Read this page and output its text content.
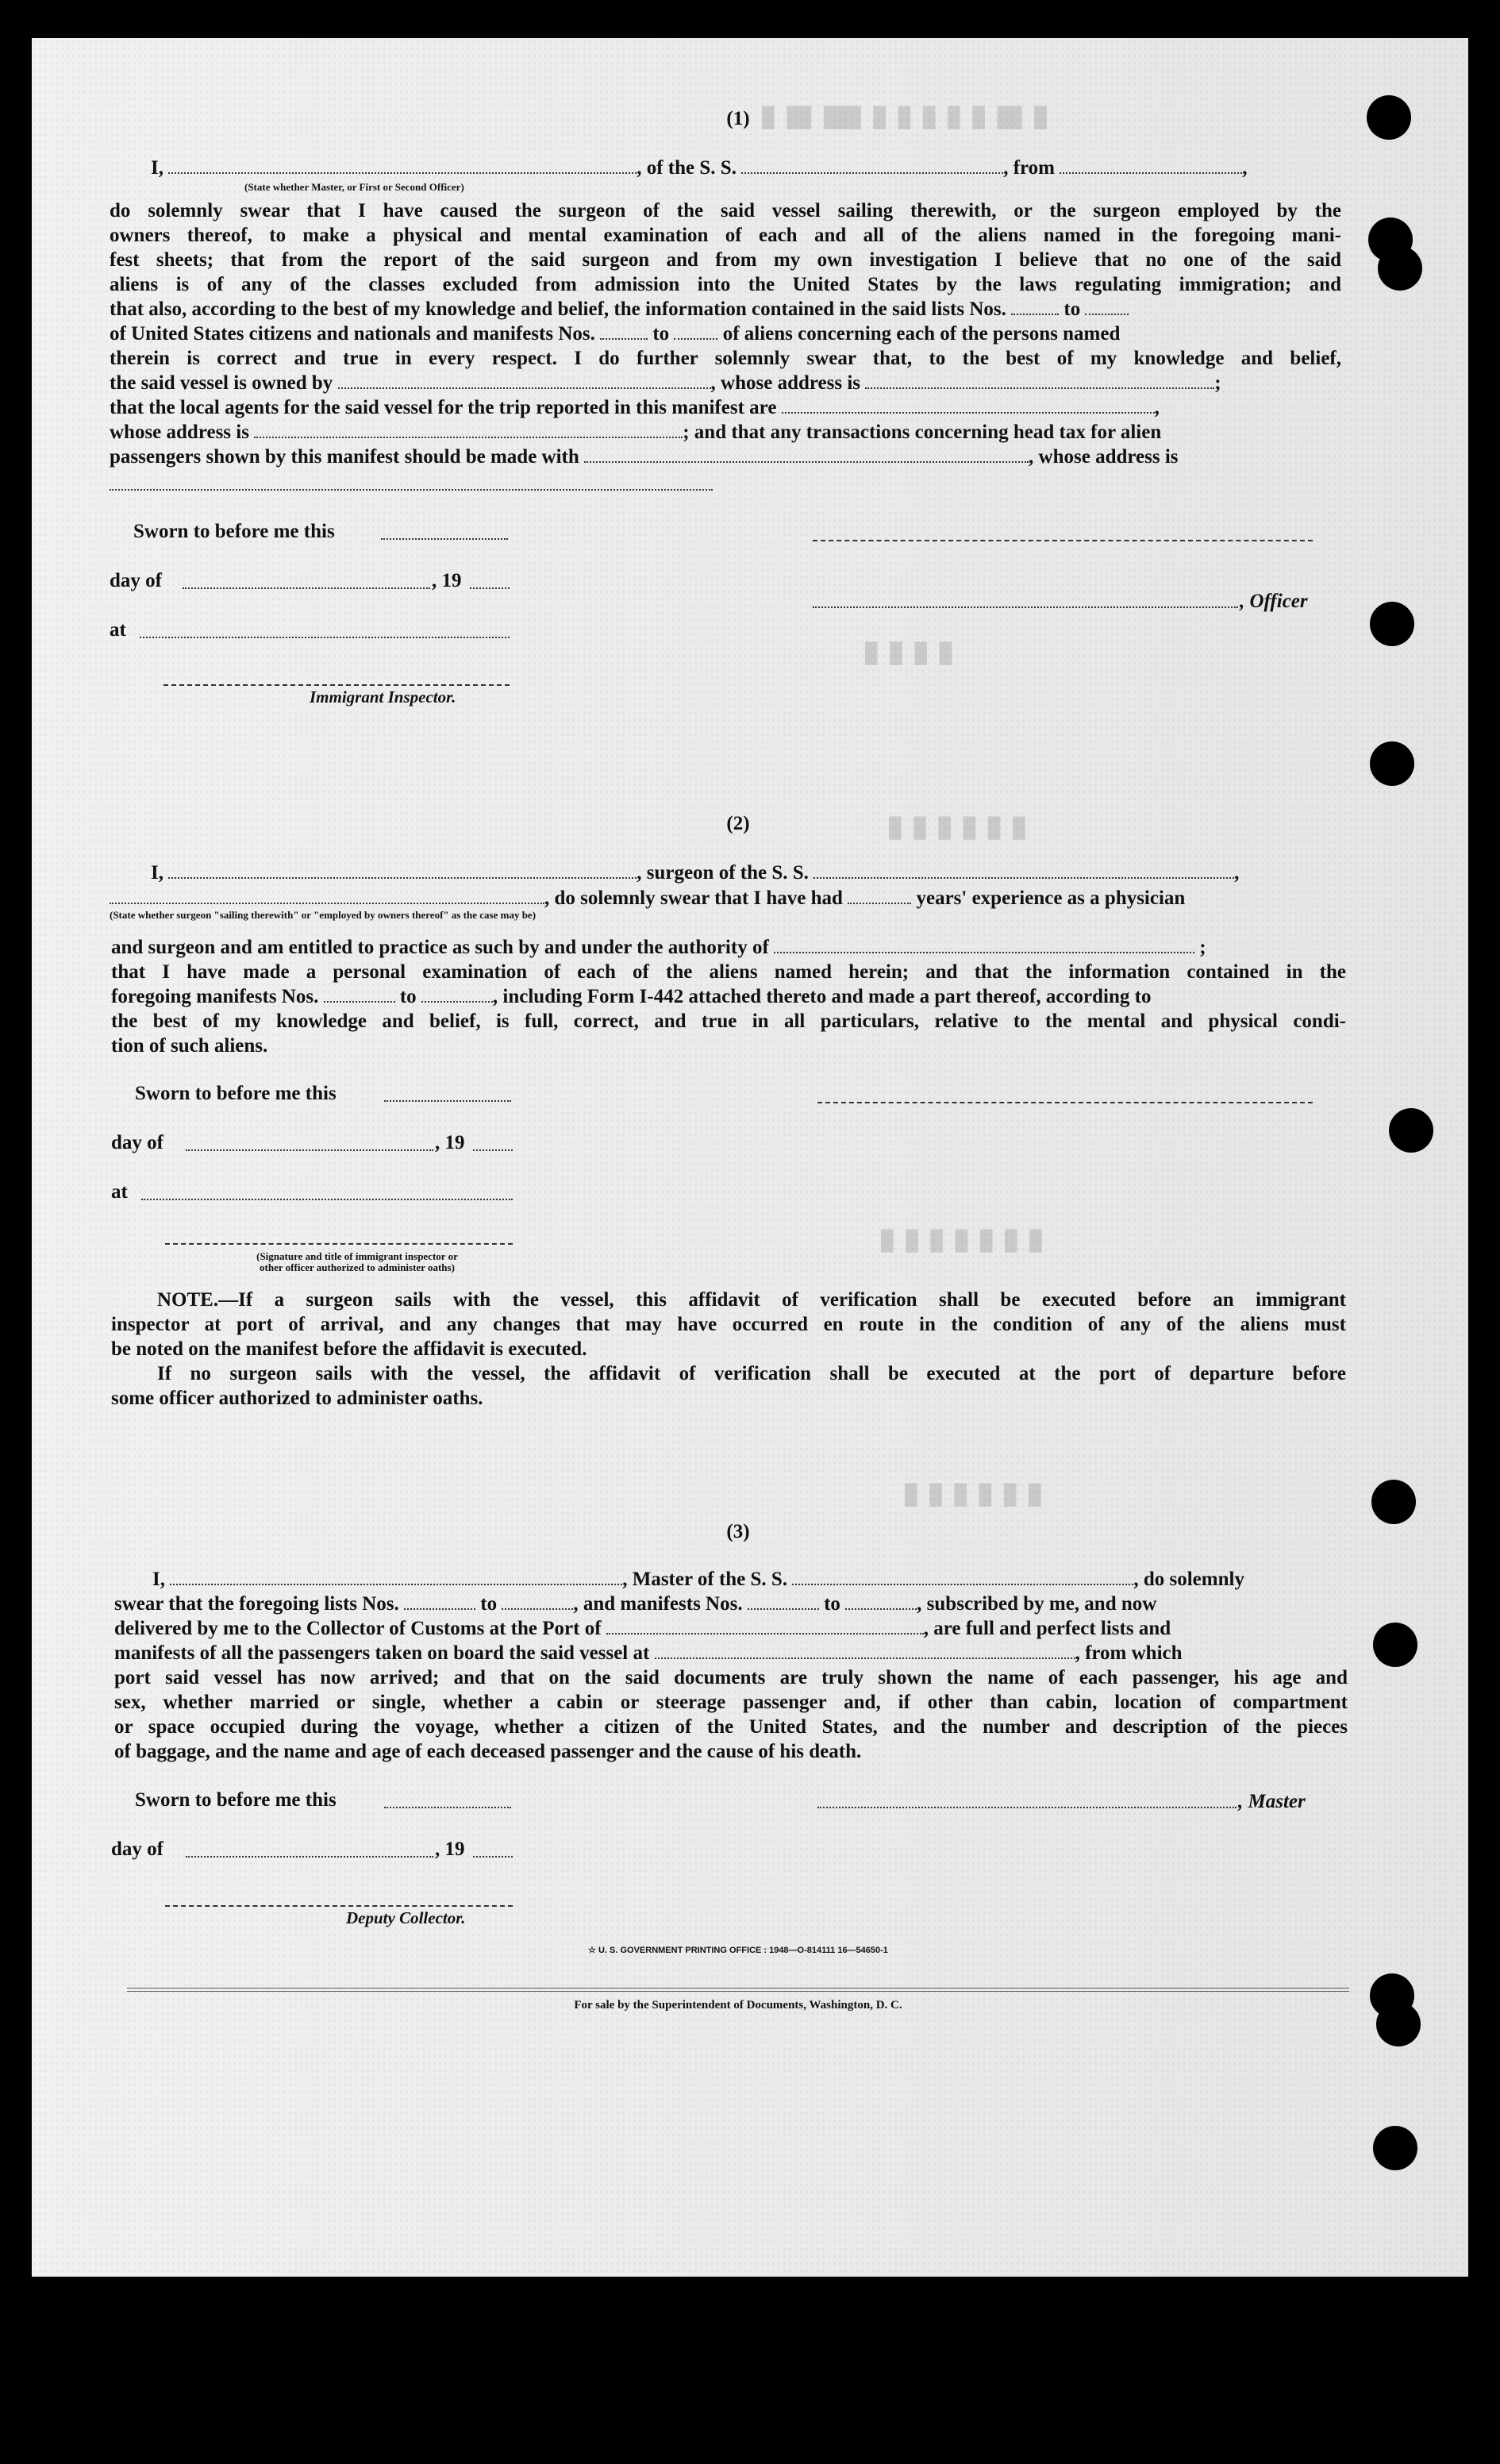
█ ██ ███ █ █ █ █ █ ██ █
█ █ █ █
█ █ █ █ █ █
█ █ █ █ █ █ █
█ █ █ █ █ █
(1)
I,	, of the S. S.	, from	,
(State whether Master, or First or Second Officer)
do solemnly swear that I have caused the surgeon of the said vessel sailing therewith, or the surgeon employed by the
owners thereof, to make a physical and mental examination of each and all of the aliens named in the foregoing mani-
fest sheets; that from the report of the said surgeon and from my own investigation I believe that no one of the said
aliens is of any of the classes excluded from admission into the United States by the laws regulating immigration; and
that also, according to the best of my knowledge and belief, the information contained in the said lists Nos.	to
of United States citizens and nationals and manifests Nos.	to	of aliens concerning each of the persons named
therein is correct and true in every respect. I do further solemnly swear that, to the best of my knowledge and belief,
the said vessel is owned by	, whose address is	;
that the local agents for the said vessel for the trip reported in this manifest are	,
whose address is	; and that any transactions concerning head tax for alien
passengers shown by this manifest should be made with	, whose address is
Sworn to before me this
day of	, 19
, Officer
at
Immigrant Inspector.
(2)
I,	, surgeon of the S. S.	,
, do solemnly swear that I have had	years' experience as a physician
(State whether surgeon "sailing therewith" or "employed by owners thereof" as the case may be)
and surgeon and am entitled to practice as such by and under the authority of	;
that I have made a personal examination of each of the aliens named herein; and that the information contained in the
foregoing manifests Nos.	to	, including Form I-442 attached thereto and made a part thereof, according to
the best of my knowledge and belief, is full, correct, and true in all particulars, relative to the mental and physical condi-
tion of such aliens.
Sworn to before me this
day of	, 19
at
(Signature and title of immigrant inspector or
other officer authorized to administer oaths)
NOTE.—If a surgeon sails with the vessel, this affidavit of verification shall be executed before an immigrant
inspector at port of arrival, and any changes that may have occurred en route in the condition of any of the aliens must
be noted on the manifest before the affidavit is executed.
If no surgeon sails with the vessel, the affidavit of verification shall be executed at the port of departure before
some officer authorized to administer oaths.
(3)
I,	, Master of the S. S.	, do solemnly
swear that the foregoing lists Nos.	to	, and manifests Nos.	to	, subscribed by me, and now
delivered by me to the Collector of Customs at the Port of	, are full and perfect lists and
manifests of all the passengers taken on board the said vessel at	, from which
port said vessel has now arrived; and that on the said documents are truly shown the name of each passenger, his age and
sex, whether married or single, whether a cabin or steerage passenger and, if other than cabin, location of compartment
or space occupied during the voyage, whether a citizen of the United States, and the number and description of the pieces
of baggage, and the name and age of each deceased passenger and the cause of his death.
Sworn to before me this	, Master
day of	, 19
Deputy Collector.
☆ U. S. GOVERNMENT PRINTING OFFICE : 1948—O-814111 16—54650-1
For sale by the Superintendent of Documents, Washington, D. C.
